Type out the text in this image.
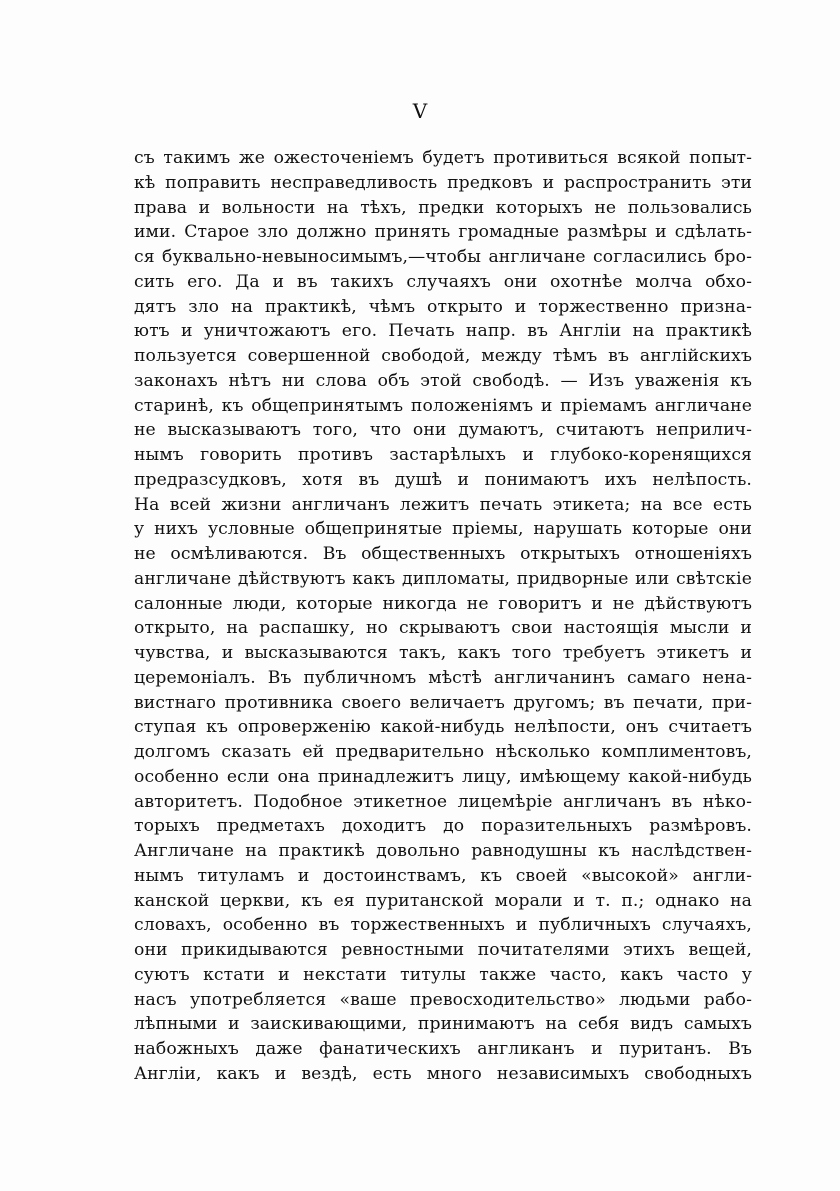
V
съ такимъ же ожесточеніемъ будетъ противиться всякой попыт-
кѣ поправить несправедливость предковъ и распространить эти
права и вольности на тѣхъ, предки которыхъ не пользовались
ими. Старое зло должно принять громадные размѣры и сдѣлать-
ся буквально-невыносимымъ,—чтобы англичане согласились бро-
сить его. Да и въ такихъ случаяхъ они охотнѣе молча обхо-
дятъ зло на практикѣ, чѣмъ открыто и торжественно призна-
ютъ и уничтожаютъ его. Печать напр. въ Англіи на практикѣ
пользуется совершенной свободой, между тѣмъ въ англійскихъ
законахъ нѣтъ ни слова объ этой свободѣ. — Изъ уваженія къ
старинѣ, къ общепринятымъ положеніямъ и пріемамъ англичане
не высказываютъ того, что они думаютъ, считаютъ неприлич-
нымъ говорить противъ застарѣлыхъ и глубоко-коренящихся
предразсудковъ, хотя въ душѣ и понимаютъ ихъ нелѣпость.
На всей жизни англичанъ лежитъ печать этикета; на все есть
у нихъ условные общепринятые пріемы, нарушать которые они
не осмѣливаются. Въ общественныхъ открытыхъ отношеніяхъ
англичане дѣйствуютъ какъ дипломаты, придворные или свѣтскіе
салонные люди, которые никогда не говоритъ и не дѣйствуютъ
открыто, на распашку, но скрываютъ свои настоящія мысли и
чувства, и высказываются такъ, какъ того требуетъ этикетъ и
церемоніалъ. Въ публичномъ мѣстѣ англичанинъ самаго нена-
вистнаго противника своего величаетъ другомъ; въ печати, при-
ступая къ опроверженію какой-нибудь нелѣпости, онъ считаетъ
долгомъ сказать ей предварительно нѣсколько комплиментовъ,
особенно если она принадлежитъ лицу, имѣющему какой-нибудь
авторитетъ. Подобное этикетное лицемѣріе англичанъ въ нѣко-
торыхъ предметахъ доходитъ до поразительныхъ размѣровъ.
Англичане на практикѣ довольно равнодушны къ наслѣдствен-
нымъ титуламъ и достоинствамъ, къ своей «высокой» англи-
канской церкви, къ ея пуританской морали и т. п.; однако на
словахъ, особенно въ торжественныхъ и публичныхъ случаяхъ,
они прикидываются ревностными почитателями этихъ вещей,
суютъ кстати и некстати титулы также часто, какъ часто у
насъ употребляется «ваше превосходительство» людьми рабо-
лѣпными и заискивающими, принимаютъ на себя видъ самыхъ
набожныхъ даже фанатическихъ англиканъ и пуританъ. Въ
Англіи, какъ и вездѣ, есть много независимыхъ свободныхъ
